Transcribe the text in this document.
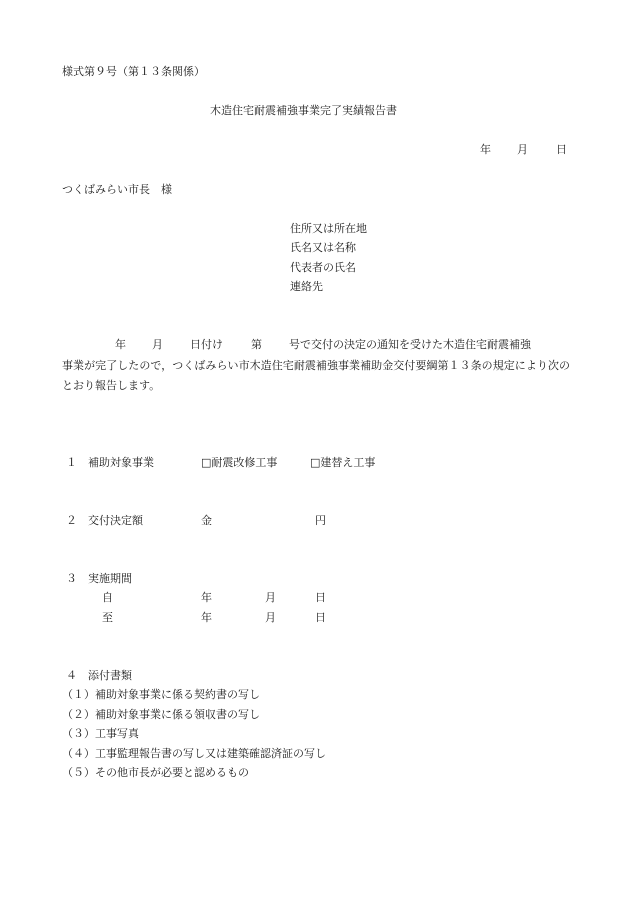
様式第９号（第１３条関係）
木造住宅耐震補強事業完了実績報告書
年 月	日
つくばみらい市長　様
住所又は所在地
氏名又は名称
代表者の氏名
連絡先
年 月 日付け	第 号で交付の決定の通知を受けた木造住宅耐震補強
事業が完了したので，つくばみらい市木造住宅耐震補強事業補助金交付要綱第１３条の規定により次のとおり報告します。
１ 補助対象事業	□耐震改修工事	□建替え工事
２ 交付決定額	金	円
３ 実施期間
自	年	月	日
至	年	月	日
４ 添付書類
（１）補助対象事業に係る契約書の写し
（２）補助対象事業に係る領収書の写し
（３）工事写真
（４）工事監理報告書の写し又は建築確認済証の写し
（５）その他市長が必要と認めるもの
